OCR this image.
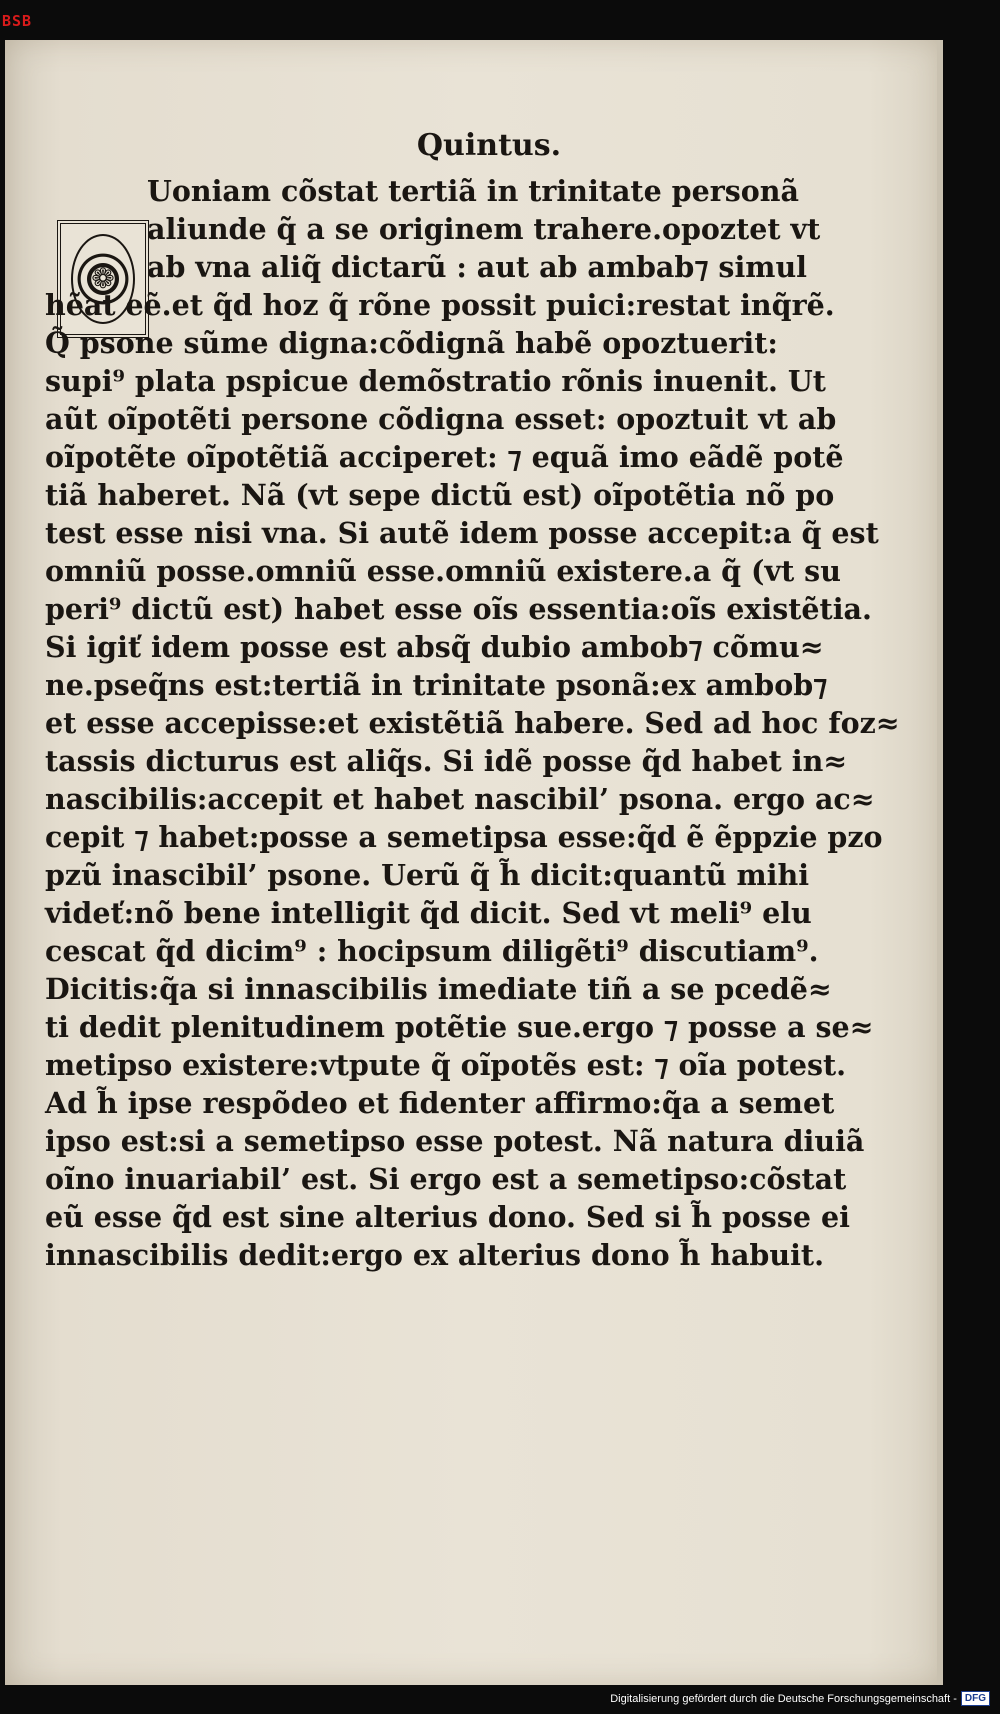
BSB
Quintus.
❁
Uoniam cõstat tertiã in trinitate personã
aliunde q̃ a se originem trahere.opoztet vt
ab vna aliq̃ dictarũ : aut ab ambab⁊ simul
hẽat eẽ.et q̃d hoz q̃ rõne possit puici:restat inq̃rẽ.
Q̃ psone sũme digna:cõdignã habẽ opoztuerit:
supi⁹ plata pspicue demõstratio rõnis inuenit. Ut
aũt oĩpotẽti persone cõdigna esset: opoztuit vt ab
oĩpotẽte oĩpotẽtiã acciperet: ⁊ equã imo eãdẽ potẽ
tiã haberet. Nã (vt sepe dictũ est) oĩpotẽtia nõ po
test esse nisi vna. Si autẽ idem posse accepit:a q̃ est
omniũ posse.omniũ esse.omniũ existere.a q̃ (vt su
peri⁹ dictũ est) habet esse oĩs essentia:oĩs existẽtia.
Si igiť idem posse est absq̃ dubio ambob⁊ cõmu≈
ne.pseq̃ns est:tertiã in trinitate psonã:ex ambob⁊
et esse accepisse:et existẽtiã habere. Sed ad hoc foz≈
tassis dicturus est aliq̃s. Si idẽ posse q̃d habet in≈
nascibilis:accepit et habet nascibil’ psona. ergo ac≈
cepit ⁊ habet:posse a semetipsa esse:q̃d ẽ ẽppzie pzo
pzũ inascibil’ psone. Uerũ q̃ h̃ dicit:quantũ mihi
videť:nõ bene intelligit q̃d dicit. Sed vt meli⁹ elu
cescat q̃d dicim⁹ : hocipsum diligẽti⁹ discutiam⁹.
Dicitis:q̃a si innascibilis imediate tiñ a se pcedẽ≈
ti dedit plenitudinem potẽtie sue.ergo ⁊ posse a se≈
metipso existere:vtpute q̃ oĩpotẽs est: ⁊ oĩa potest.
Ad h̃ ipse respõdeo et fidenter affirmo:q̃a a semet
ipso est:si a semetipso esse potest. Nã natura diuiã
oĩno inuariabil’ est. Si ergo est a semetipso:cõstat
eũ esse q̃d est sine alterius dono. Sed si h̃ posse ei
innascibilis dedit:ergo ex alterius dono h̃ habuit.
Digitalisierung gefördert durch die Deutsche Forschungsgemeinschaft - DFG
